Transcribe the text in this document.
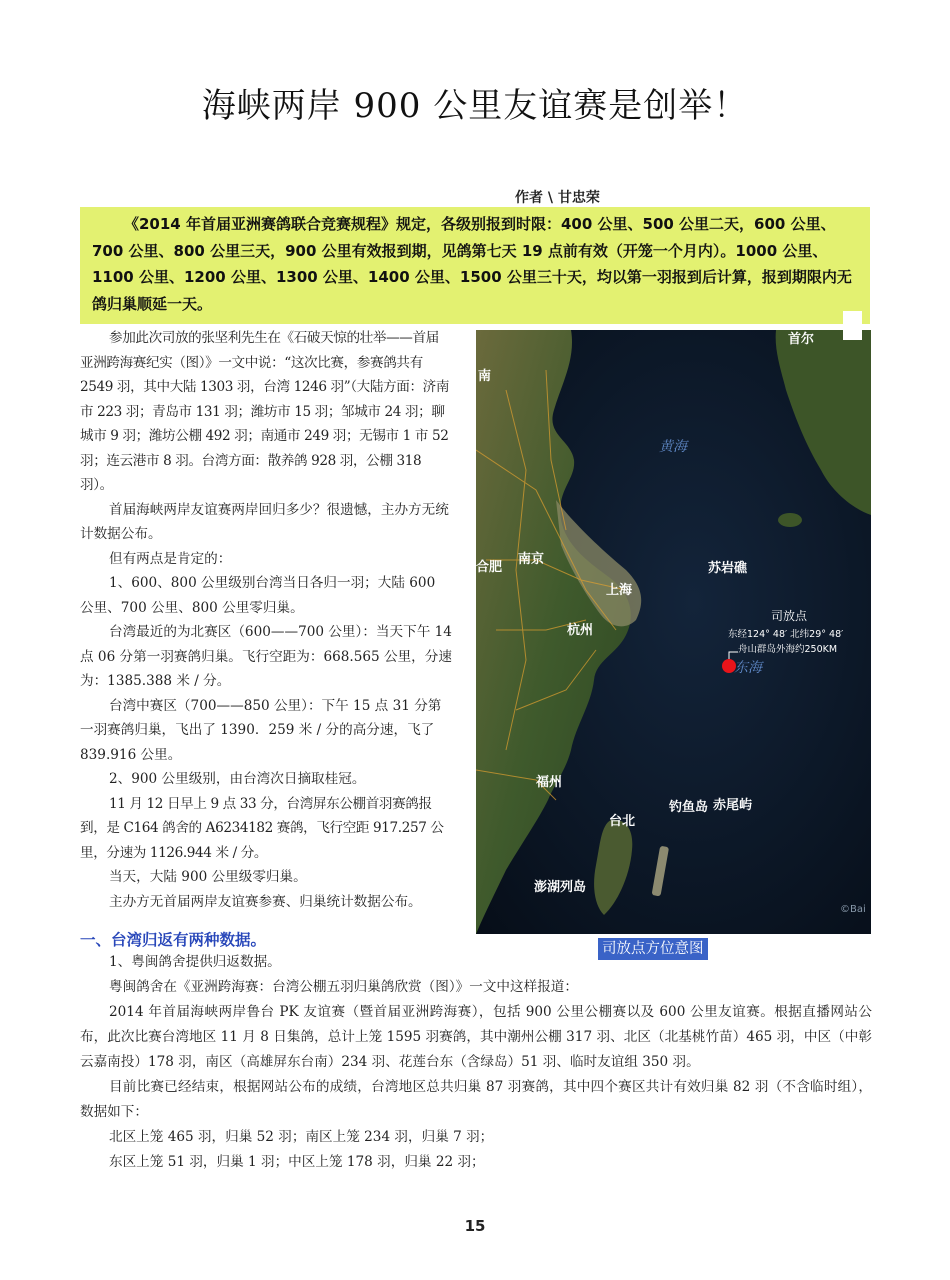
海峡两岸 900 公里友谊赛是创举！
作者 \ 甘忠荣

《2014 年首届亚洲赛鸽联合竞赛规程》规定，各级别报到时限：400 公里、500 公里二天，600 公里、700 公里、800 公里三天，900 公里有效报到期，见鸽第七天 19 点前有效（开笼一个月内）。1000 公里、1100 公里、1200 公里、1300 公里、1400 公里、1500 公里三十天，均以第一羽报到后计算，报到期限内无鸽归巢顺延一天。

参加此次司放的张坚利先生在《石破天惊的壮举——首届亚洲跨海赛纪实（图）》一文中说：“这次比赛，参赛鸽共有 2549 羽，其中大陆 1303 羽，台湾 1246 羽”（大陆方面：济南市 223 羽；青岛市 131 羽；潍坊市 15 羽；邹城市 24 羽；聊城市 9 羽；潍坊公棚 492 羽；南通市 249 羽；无锡市 1 市 52 羽；连云港市 8 羽。台湾方面：散养鸽 928 羽，公棚 318 羽）。

首届海峡两岸友谊赛两岸回归多少？很遗憾，主办方无统计数据公布。

但有两点是肯定的：

1、600、800 公里级别台湾当日各归一羽；大陆 600 公里、700 公里、800 公里零归巢。

台湾最近的为北赛区（600——700 公里）：当天下午 14 点 06 分第一羽赛鸽归巢。飞行空距为：668.565 公里，分速为：1385.388 米 / 分。

台湾中赛区（700——850 公里）：下午 15 点 31 分第一羽赛鸽归巢，飞出了 1390．259 米 / 分的高分速，飞了 839.916 公里。

2、900 公里级别，由台湾次日摘取桂冠。

11 月 12 日早上 9 点 33 分，台湾屏东公棚首羽赛鸽报到，是 C164 鸽舍的 A6234182 赛鸽，飞行空距 917.257 公里，分速为 1126.944 米 / 分。

当天，大陆 900 公里级零归巢。

主办方无首届两岸友谊赛参赛、归巢统计数据公布。

首尔
南
合肥
南京
苏岩礁
上海
杭州
福州
钓鱼岛 赤尾屿
台北
澎湖列岛
黄海
东海
司放点
东经124° 48′ 北纬29° 48′
舟山群岛外海约250KM
©Bai
司放点方位意图
一、台湾归返有两种数据。

1、粤闽鸽舍提供归返数据。

粤闽鸽舍在《亚洲跨海赛：台湾公棚五羽归巢鸽欣赏（图）》一文中这样报道：

2014 年首届海峡两岸鲁台 PK 友谊赛（暨首届亚洲跨海赛），包括 900 公里公棚赛以及 600 公里友谊赛。根据直播网站公布，此次比赛台湾地区 11 月 8 日集鸽，总计上笼 1595 羽赛鸽，其中潮州公棚 317 羽、北区（北基桃竹苗）465 羽，中区（中彰云嘉南投）178 羽，南区（高雄屏东台南）234 羽、花莲台东（含绿岛）51 羽、临时友谊组 350 羽。

目前比赛已经结束，根据网站公布的成绩，台湾地区总共归巢 87 羽赛鸽，其中四个赛区共计有效归巢 82 羽（不含临时组），数据如下：

北区上笼 465 羽，归巢 52 羽；南区上笼 234 羽，归巢 7 羽；

东区上笼 51 羽，归巢 1 羽；中区上笼 178 羽，归巢 22 羽；

15
